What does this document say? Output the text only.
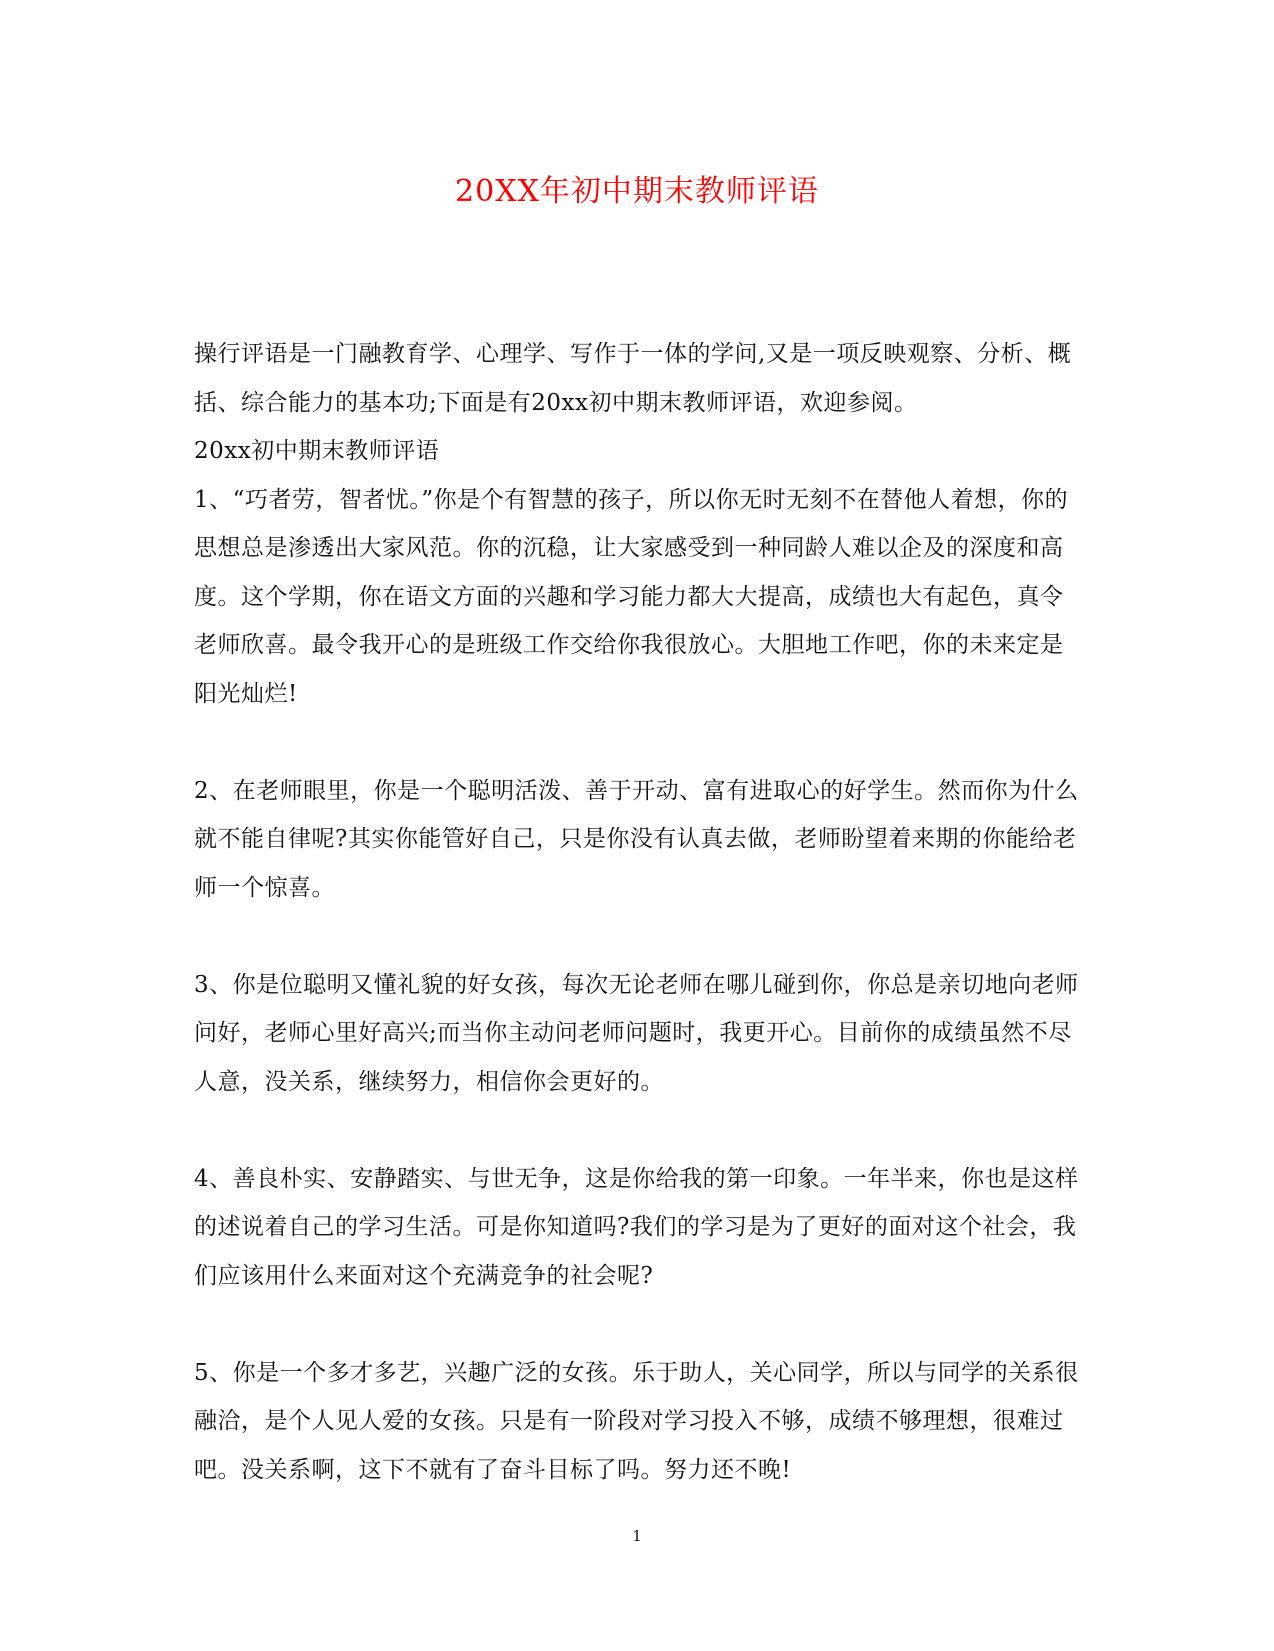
20XX年初中期末教师评语

操行评语是一门融教育学、心理学、写作于一体的学问,又是一项反映观察、分析、概括、综合能力的基本功;下面是有20xx初中期末教师评语，欢迎参阅。

20xx初中期末教师评语

1、“巧者劳，智者忧。”你是个有智慧的孩子，所以你无时无刻不在替他人着想，你的思想总是渗透出大家风范。你的沉稳，让大家感受到一种同龄人难以企及的深度和高度。这个学期，你在语文方面的兴趣和学习能力都大大提高，成绩也大有起色，真令老师欣喜。最令我开心的是班级工作交给你我很放心。大胆地工作吧，你的未来定是阳光灿烂!

2、在老师眼里，你是一个聪明活泼、善于开动、富有进取心的好学生。然而你为什么就不能自律呢?其实你能管好自己，只是你没有认真去做，老师盼望着来期的你能给老师一个惊喜。

3、你是位聪明又懂礼貌的好女孩，每次无论老师在哪儿碰到你，你总是亲切地向老师问好，老师心里好高兴;而当你主动问老师问题时，我更开心。目前你的成绩虽然不尽人意，没关系，继续努力，相信你会更好的。

4、善良朴实、安静踏实、与世无争，这是你给我的第一印象。一年半来，你也是这样的述说着自己的学习生活。可是你知道吗?我们的学习是为了更好的面对这个社会，我们应该用什么来面对这个充满竞争的社会呢?

5、你是一个多才多艺，兴趣广泛的女孩。乐于助人，关心同学，所以与同学的关系很融洽，是个人见人爱的女孩。只是有一阶段对学习投入不够，成绩不够理想，很难过吧。没关系啊，这下不就有了奋斗目标了吗。努力还不晚!

1
